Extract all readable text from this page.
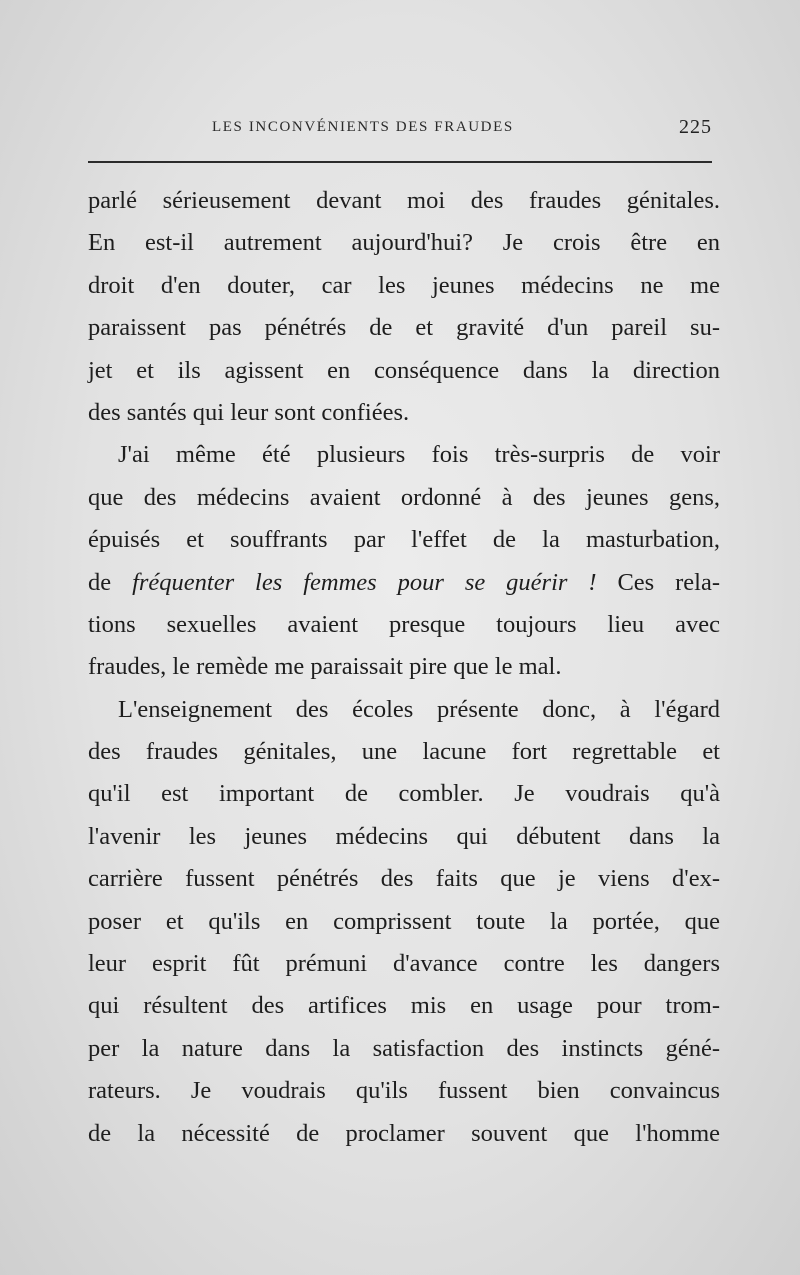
LES INCONVÉNIENTS DES FRAUDES	225
parlé sérieusement devant moi des fraudes génitales.
En est-il autrement aujourd'hui? Je crois être en
droit d'en douter, car les jeunes médecins ne me
paraissent pas pénétrés de et gravité d'un pareil su-
jet et ils agissent en conséquence dans la direction
des santés qui leur sont confiées.
J'ai même été plusieurs fois très-surpris de voir
que des médecins avaient ordonné à des jeunes gens,
épuisés et souffrants par l'effet de la masturbation,
de fréquenter les femmes pour se guérir ! Ces rela-
tions sexuelles avaient presque toujours lieu avec
fraudes, le remède me paraissait pire que le mal.
L'enseignement des écoles présente donc, à l'égard
des fraudes génitales, une lacune fort regrettable et
qu'il est important de combler. Je voudrais qu'à
l'avenir les jeunes médecins qui débutent dans la
carrière fussent pénétrés des faits que je viens d'ex-
poser et qu'ils en comprissent toute la portée, que
leur esprit fût prémuni d'avance contre les dangers
qui résultent des artifices mis en usage pour trom-
per la nature dans la satisfaction des instincts géné-
rateurs. Je voudrais qu'ils fussent bien convaincus
de la nécessité de proclamer souvent que l'homme
